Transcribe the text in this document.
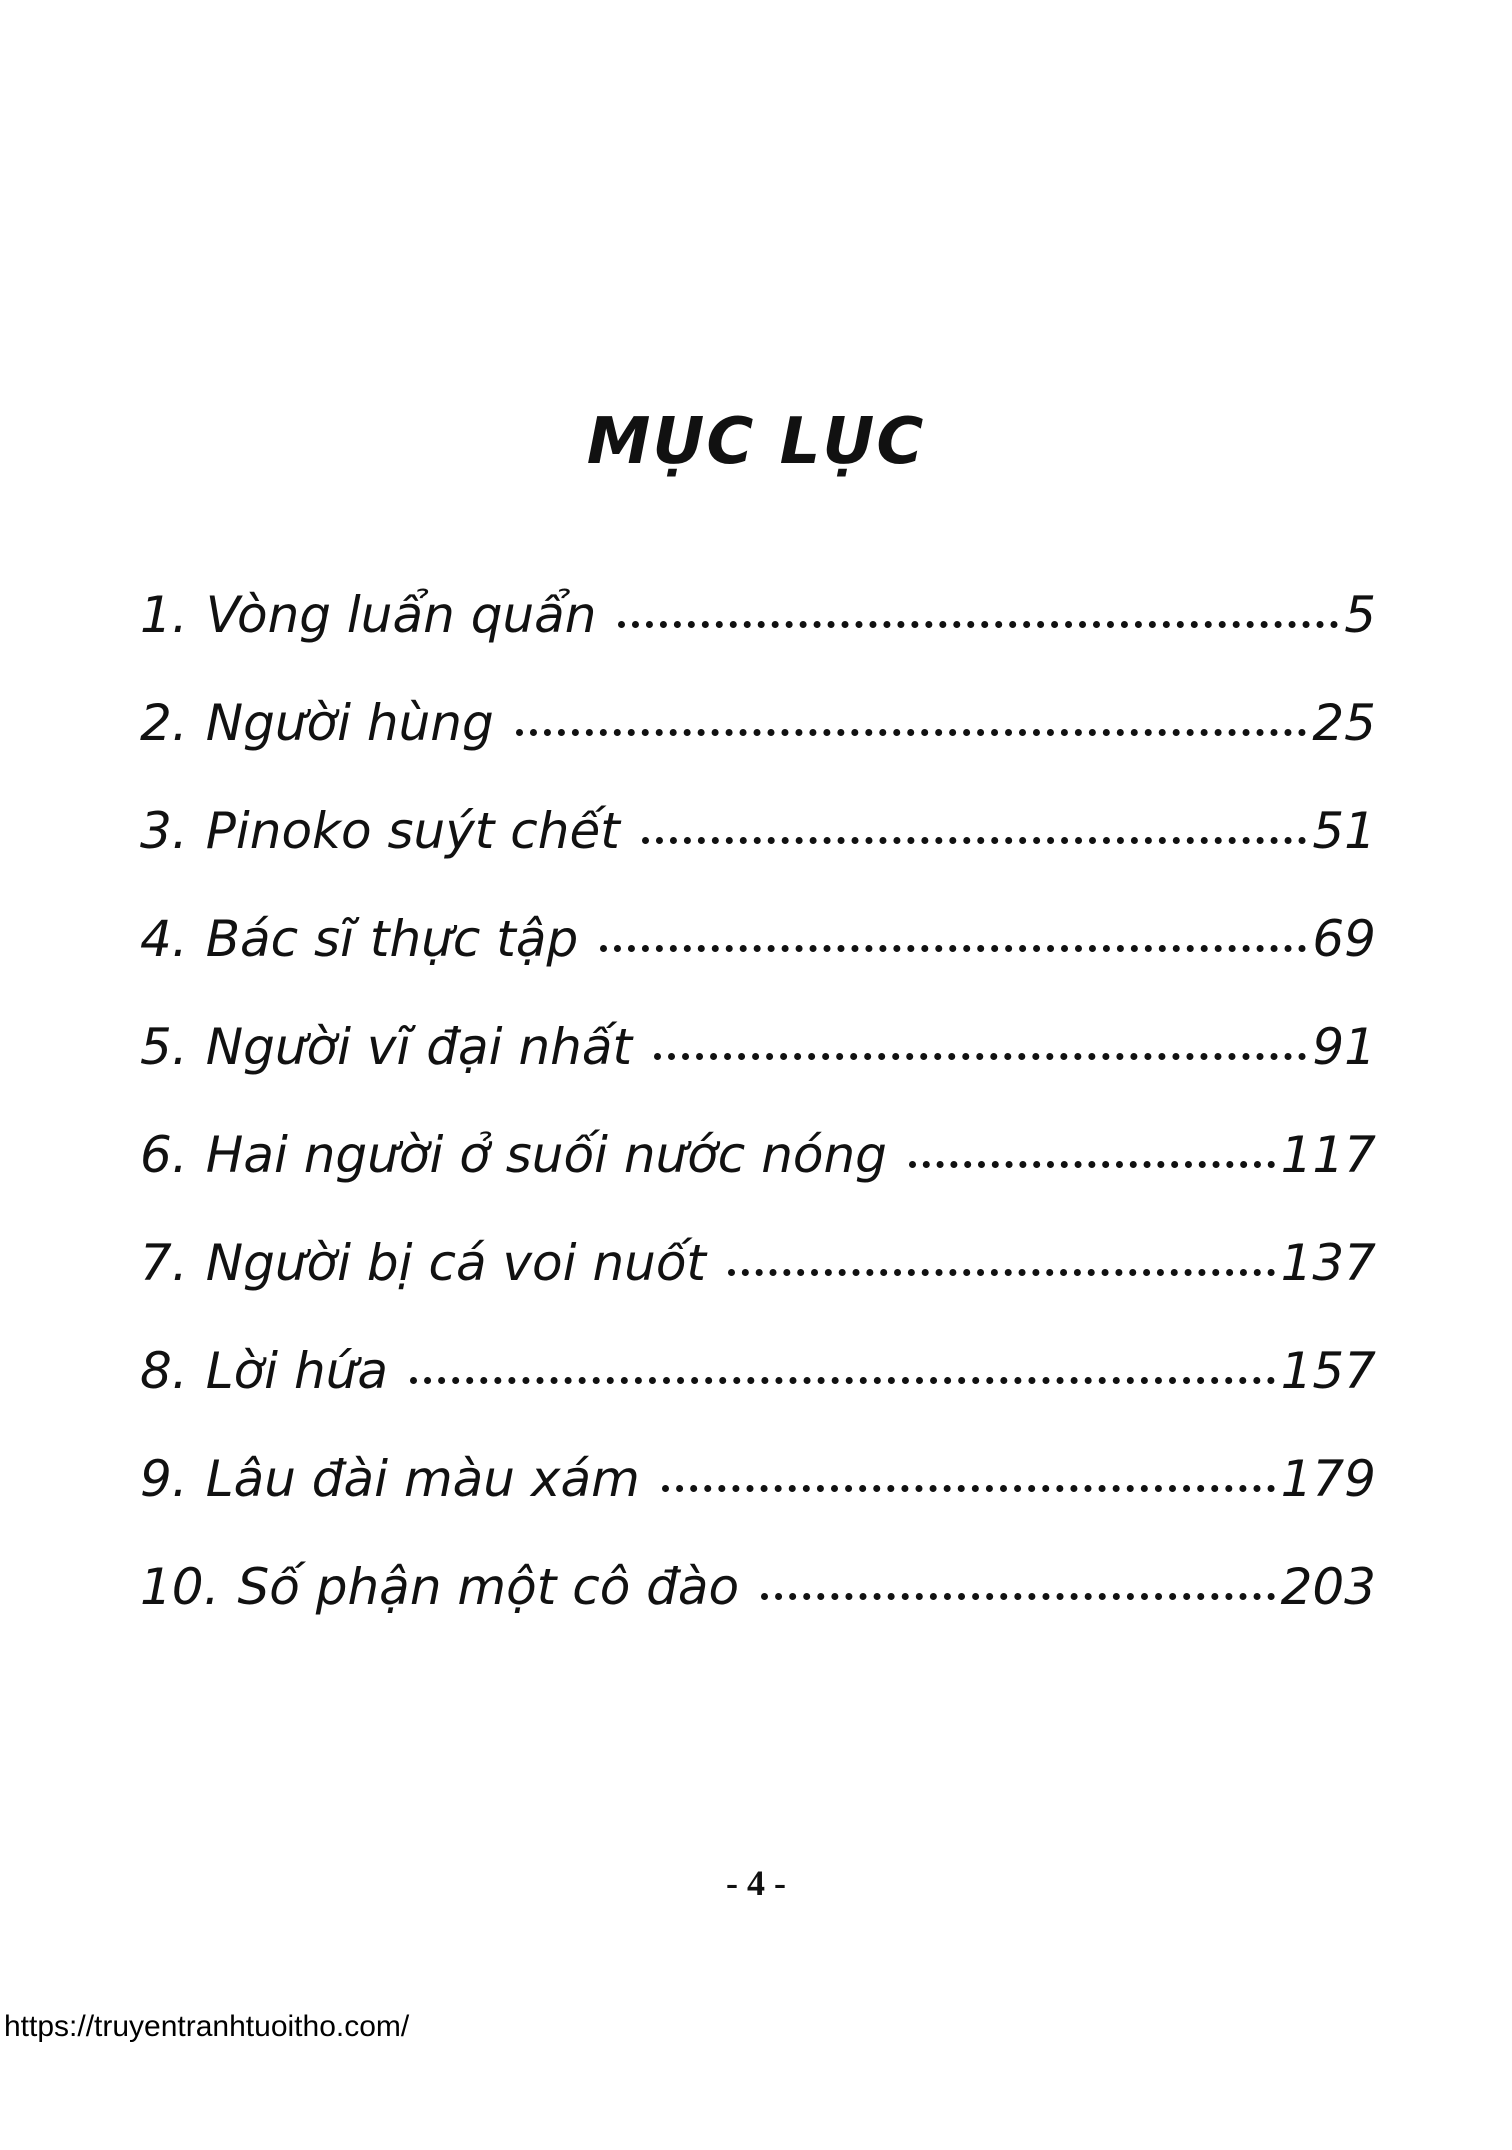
MỤC LỤC
1. Vòng luẩn quẩn	5
2. Người hùng	25
3. Pinoko suýt chết	51
4. Bác sĩ thực tập	69
5. Người vĩ đại nhất	91
6. Hai người ở suối nước nóng	117
7. Người bị cá voi nuốt	137
8. Lời hứa	157
9. Lâu đài màu xám	179
10. Số phận một cô đào	203
- 4 -
https://truyentranhtuoitho.com/
